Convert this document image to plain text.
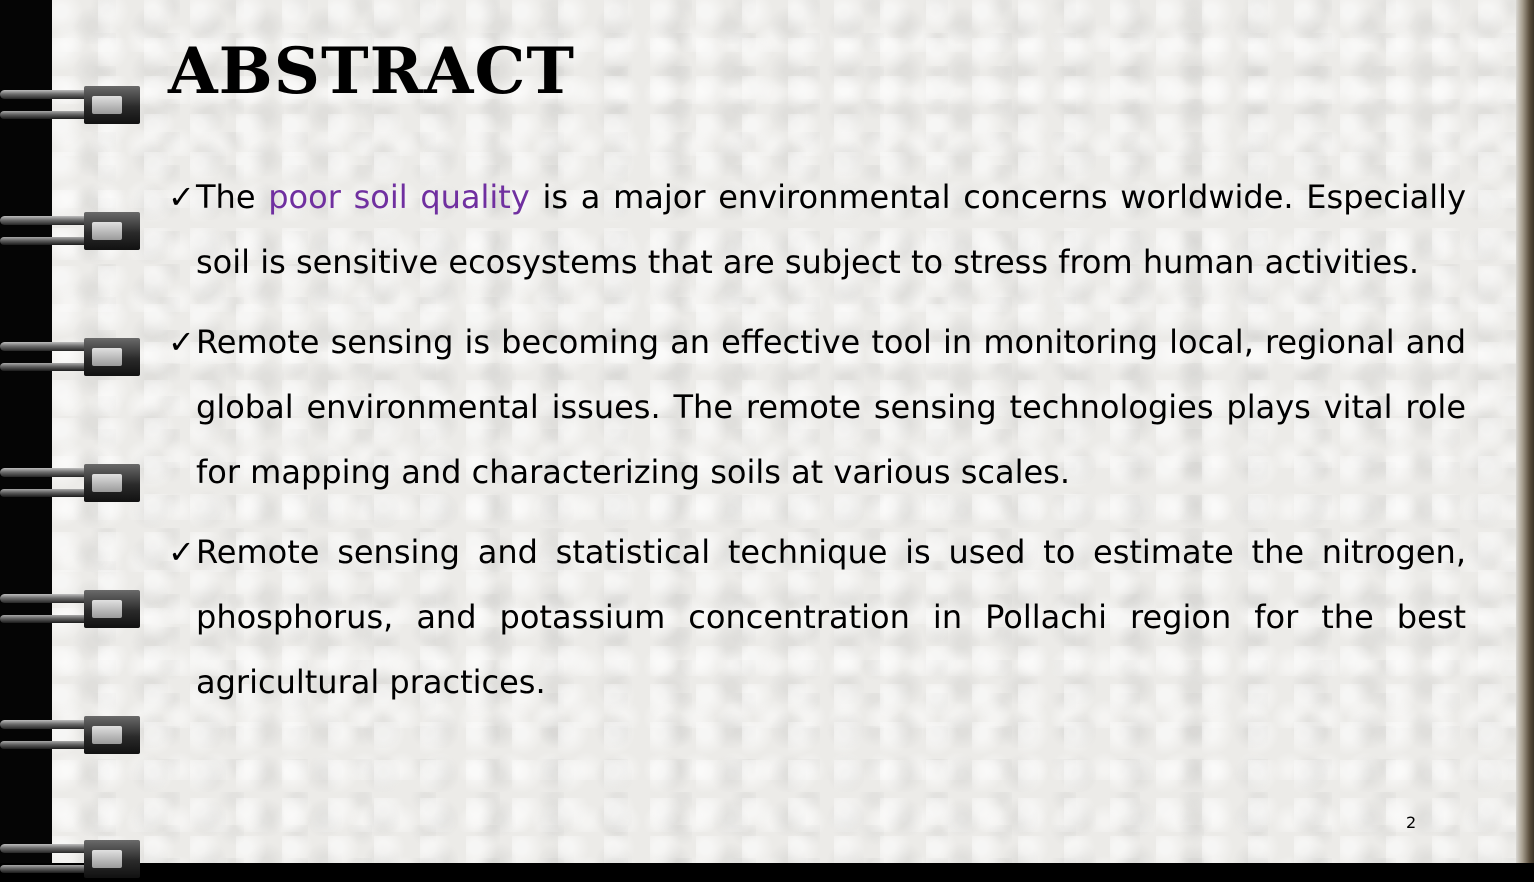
ABSTRACT
✓ The poor soil quality is a major environmental concerns worldwide. Especially soil is sensitive ecosystems that are subject to stress from human activities.
✓ Remote sensing is becoming an effective tool in monitoring local, regional and global environmental issues. The remote sensing technologies plays vital role for mapping and characterizing soils at various scales.
✓ Remote sensing and statistical technique is used to estimate the nitrogen, phosphorus, and potassium concentration in Pollachi region for the best agricultural practices.
2
